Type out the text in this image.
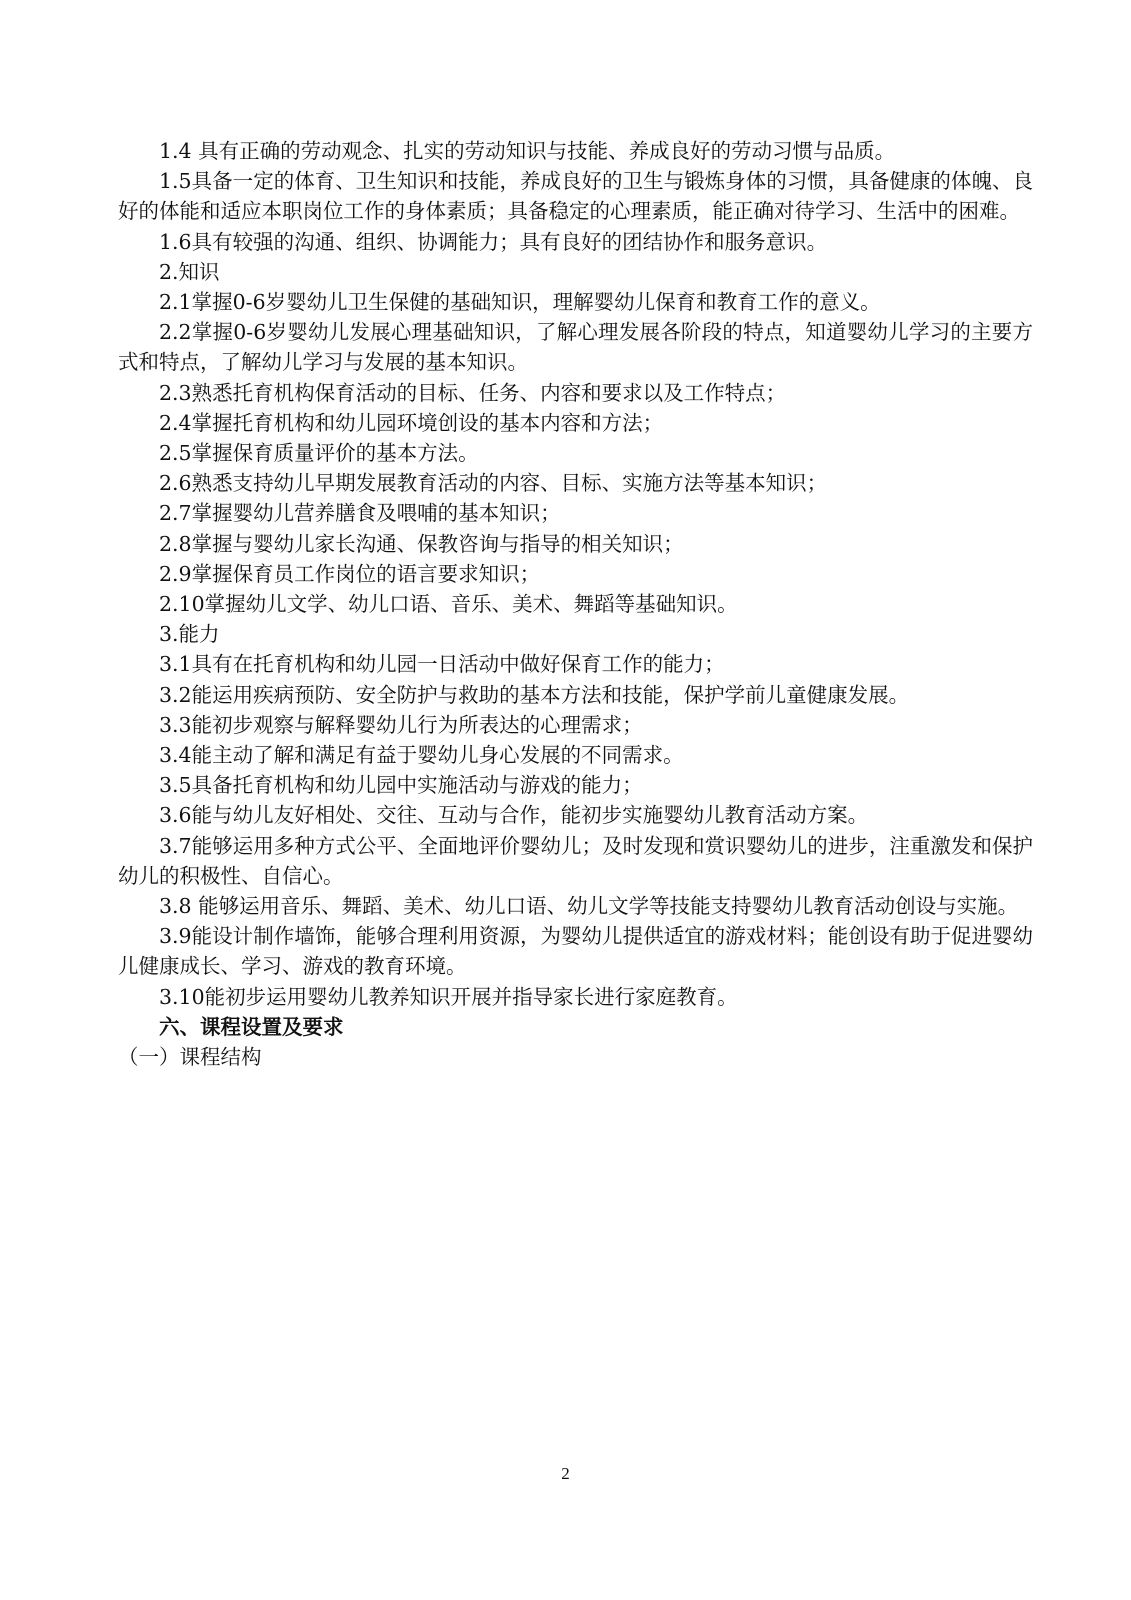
1.4 具有正确的劳动观念、扎实的劳动知识与技能、养成良好的劳动习惯与品质。

1.5具备一定的体育、卫生知识和技能，养成良好的卫生与锻炼身体的习惯，具备健康的体魄、良好的体能和适应本职岗位工作的身体素质；具备稳定的心理素质，能正确对待学习、生活中的困难。

1.6具有较强的沟通、组织、协调能力；具有良好的团结协作和服务意识。

2.知识

2.1掌握0-6岁婴幼儿卫生保健的基础知识，理解婴幼儿保育和教育工作的意义。

2.2掌握0-6岁婴幼儿发展心理基础知识，了解心理发展各阶段的特点，知道婴幼儿学习的主要方式和特点，了解幼儿学习与发展的基本知识。

2.3熟悉托育机构保育活动的目标、任务、内容和要求以及工作特点；

2.4掌握托育机构和幼儿园环境创设的基本内容和方法；

2.5掌握保育质量评价的基本方法。

2.6熟悉支持幼儿早期发展教育活动的内容、目标、实施方法等基本知识；

2.7掌握婴幼儿营养膳食及喂哺的基本知识；

2.8掌握与婴幼儿家长沟通、保教咨询与指导的相关知识；

2.9掌握保育员工作岗位的语言要求知识；

2.10掌握幼儿文学、幼儿口语、音乐、美术、舞蹈等基础知识。

3.能力

3.1具有在托育机构和幼儿园一日活动中做好保育工作的能力；

3.2能运用疾病预防、安全防护与救助的基本方法和技能，保护学前儿童健康发展。

3.3能初步观察与解释婴幼儿行为所表达的心理需求；

3.4能主动了解和满足有益于婴幼儿身心发展的不同需求。

3.5具备托育机构和幼儿园中实施活动与游戏的能力；

3.6能与幼儿友好相处、交往、互动与合作，能初步实施婴幼儿教育活动方案。

3.7能够运用多种方式公平、全面地评价婴幼儿；及时发现和赏识婴幼儿的进步，注重激发和保护幼儿的积极性、自信心。

3.8 能够运用音乐、舞蹈、美术、幼儿口语、幼儿文学等技能支持婴幼儿教育活动创设与实施。

3.9能设计制作墙饰，能够合理利用资源，为婴幼儿提供适宜的游戏材料；能创设有助于促进婴幼儿健康成长、学习、游戏的教育环境。

3.10能初步运用婴幼儿教养知识开展并指导家长进行家庭教育。

六、课程设置及要求

（一）课程结构

2
